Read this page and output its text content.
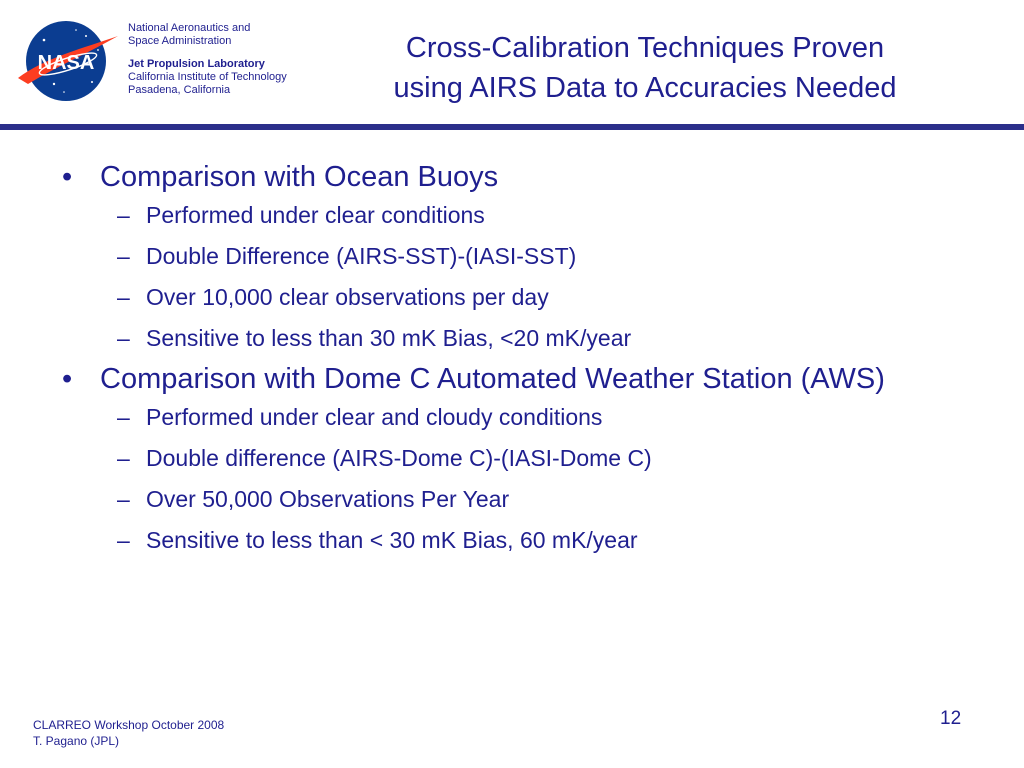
NASA
National Aeronautics and
Space Administration
Jet Propulsion Laboratory
California Institute of Technology
Pasadena, California
Cross-Calibration Techniques Proven
using AIRS Data to Accuracies Needed
• Comparison with Ocean Buoys
– Performed under clear conditions
– Double Difference (AIRS-SST)-(IASI-SST)
– Over 10,000 clear observations per day
– Sensitive to less than 30 mK Bias, <20 mK/year
• Comparison with Dome C Automated Weather Station (AWS)
– Performed under clear and cloudy conditions
– Double difference (AIRS-Dome C)-(IASI-Dome C)
– Over 50,000 Observations Per Year
– Sensitive to less than < 30 mK Bias, 60 mK/year
CLARREO Workshop October 2008
T. Pagano (JPL)
12
